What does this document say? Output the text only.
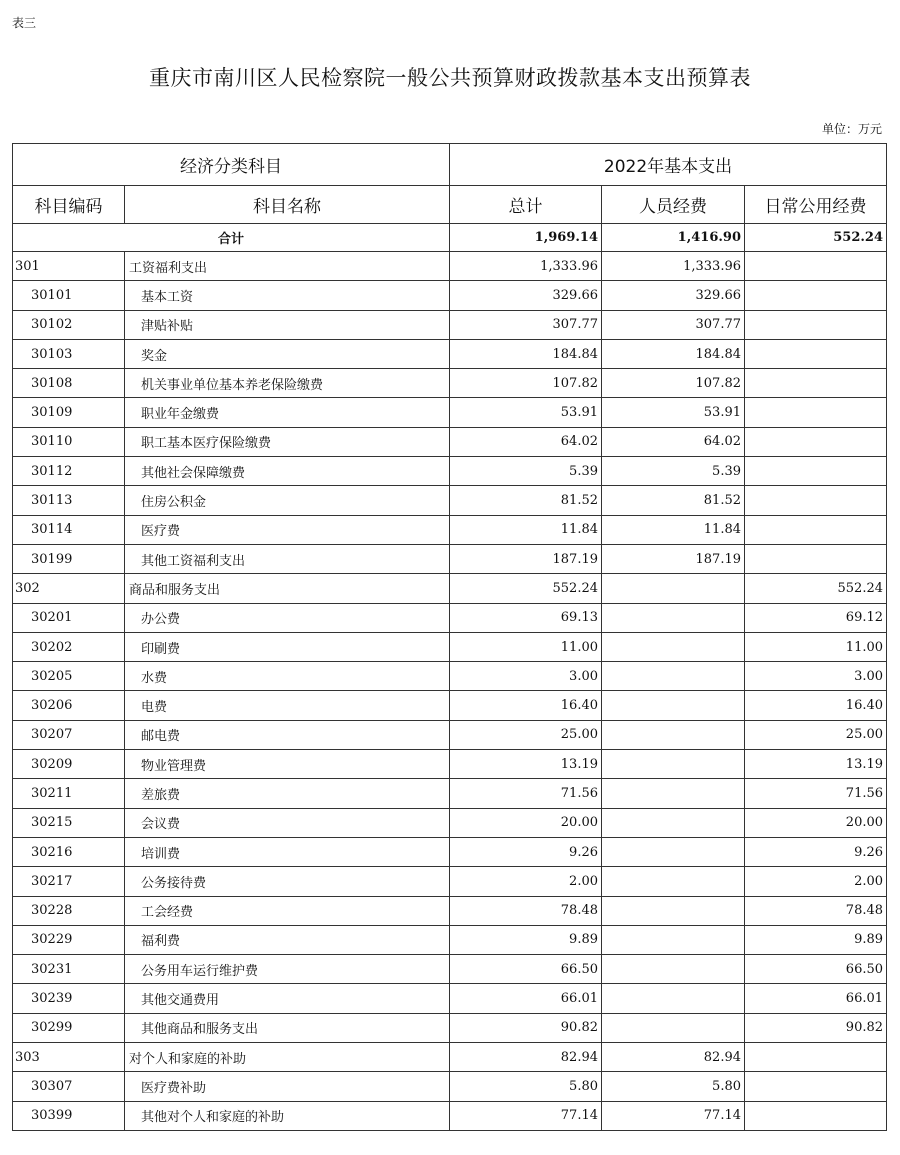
表三
重庆市南川区人民检察院一般公共预算财政拨款基本支出预算表
单位：万元
经济分类科目		2022年基本支出		
科目编码	科目名称	总计	人员经费	日常公用经费
合计		1,969.14	1,416.90	552.24
301	工资福利支出	1,333.96	1,333.96	
30101	基本工资	329.66	329.66	
30102	津贴补贴	307.77	307.77	
30103	奖金	184.84	184.84	
30108	机关事业单位基本养老保险缴费	107.82	107.82	
30109	职业年金缴费	53.91	53.91	
30110	职工基本医疗保险缴费	64.02	64.02	
30112	其他社会保障缴费	5.39	5.39	
30113	住房公积金	81.52	81.52	
30114	医疗费	11.84	11.84	
30199	其他工资福利支出	187.19	187.19	
302	商品和服务支出	552.24		552.24
30201	办公费	69.13		69.12
30202	印刷费	11.00		11.00
30205	水费	3.00		3.00
30206	电费	16.40		16.40
30207	邮电费	25.00		25.00
30209	物业管理费	13.19		13.19
30211	差旅费	71.56		71.56
30215	会议费	20.00		20.00
30216	培训费	9.26		9.26
30217	公务接待费	2.00		2.00
30228	工会经费	78.48		78.48
30229	福利费	9.89		9.89
30231	公务用车运行维护费	66.50		66.50
30239	其他交通费用	66.01		66.01
30299	其他商品和服务支出	90.82		90.82
303	对个人和家庭的补助	82.94	82.94	
30307	医疗费补助	5.80	5.80	
30399	其他对个人和家庭的补助	77.14	77.14	
